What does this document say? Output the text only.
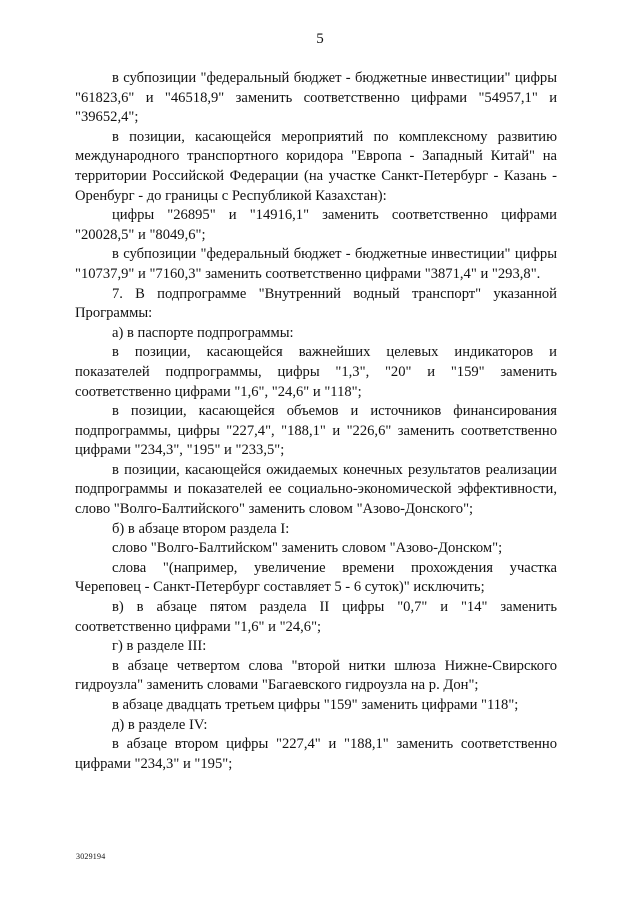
5

в субпозиции "федеральный бюджет - бюджетные инвестиции" цифры "61823,6" и "46518,9" заменить соответственно цифрами "54957,1" и "39652,4";

в позиции, касающейся мероприятий по комплексному развитию международного транспортного коридора "Европа - Западный Китай" на территории Российской Федерации (на участке Санкт-Петербург - Казань - Оренбург - до границы с Республикой Казахстан):

цифры "26895" и "14916,1" заменить соответственно цифрами "20028,5" и "8049,6";

в субпозиции "федеральный бюджет - бюджетные инвестиции" цифры "10737,9" и "7160,3" заменить соответственно цифрами "3871,4" и "293,8".

7. В подпрограмме "Внутренний водный транспорт" указанной Программы:

а) в паспорте подпрограммы:

в позиции, касающейся важнейших целевых индикаторов и показателей подпрограммы, цифры "1,3", "20" и "159" заменить соответственно цифрами "1,6", "24,6" и "118";

в позиции, касающейся объемов и источников финансирования подпрограммы, цифры "227,4", "188,1" и "226,6" заменить соответственно цифрами "234,3", "195" и "233,5";

в позиции, касающейся ожидаемых конечных результатов реализации подпрограммы и показателей ее социально-экономической эффективности, слово "Волго-Балтийского" заменить словом "Азово-Донского";

б) в абзаце втором раздела I:

слово "Волго-Балтийском" заменить словом "Азово-Донском";

слова "(например, увеличение времени прохождения участка Череповец - Санкт-Петербург составляет 5 - 6 суток)" исключить;

в) в абзаце пятом раздела II цифры "0,7" и "14" заменить соответственно цифрами "1,6" и "24,6";

г) в разделе III:

в абзаце четвертом слова "второй нитки шлюза Нижне-Свирского гидроузла" заменить словами "Багаевского гидроузла на р. Дон";

в абзаце двадцать третьем цифры "159" заменить цифрами "118";

д) в разделе IV:

в абзаце втором цифры "227,4" и "188,1" заменить соответственно цифрами "234,3" и "195";

3029194
